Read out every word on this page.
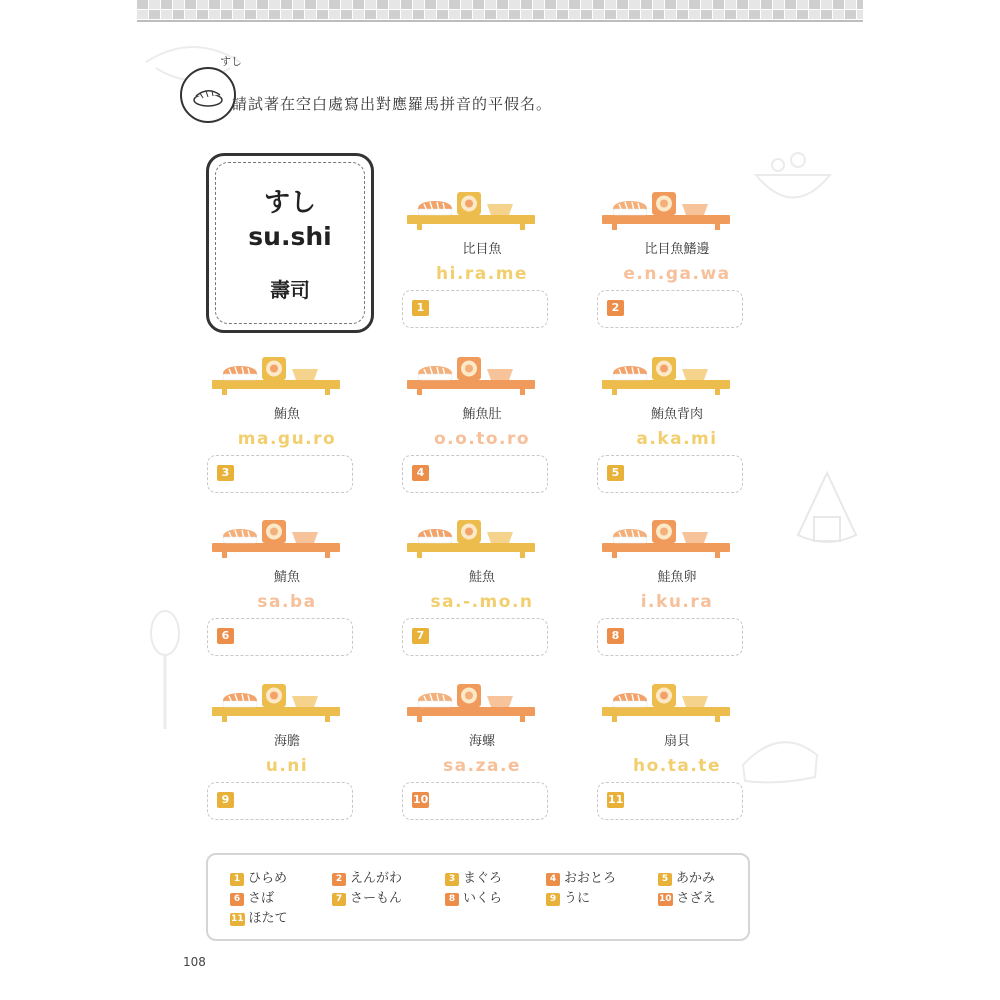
すし
請試著在空白處寫出對應羅馬拼音的平假名。
すし
su.shi
壽司
比目魚
hi.ra.me
1
比目魚鰭邊
e.n.ga.wa
2
鮪魚
ma.gu.ro
3
鮪魚肚
o.o.to.ro
4
鮪魚背肉
a.ka.mi
5
鯖魚
sa.ba
6
鮭魚
sa.-.mo.n
7
鮭魚卵
i.ku.ra
8
海膽
u.ni
9
海螺
sa.za.e
10
扇貝
ho.ta.te
11
1 ひらめ	2 えんがわ	3 まぐろ	4 おおとろ	5 あかみ
6 さば	7 さーもん	8 いくら	9 うに	10 さざえ
11 ほたて
108
